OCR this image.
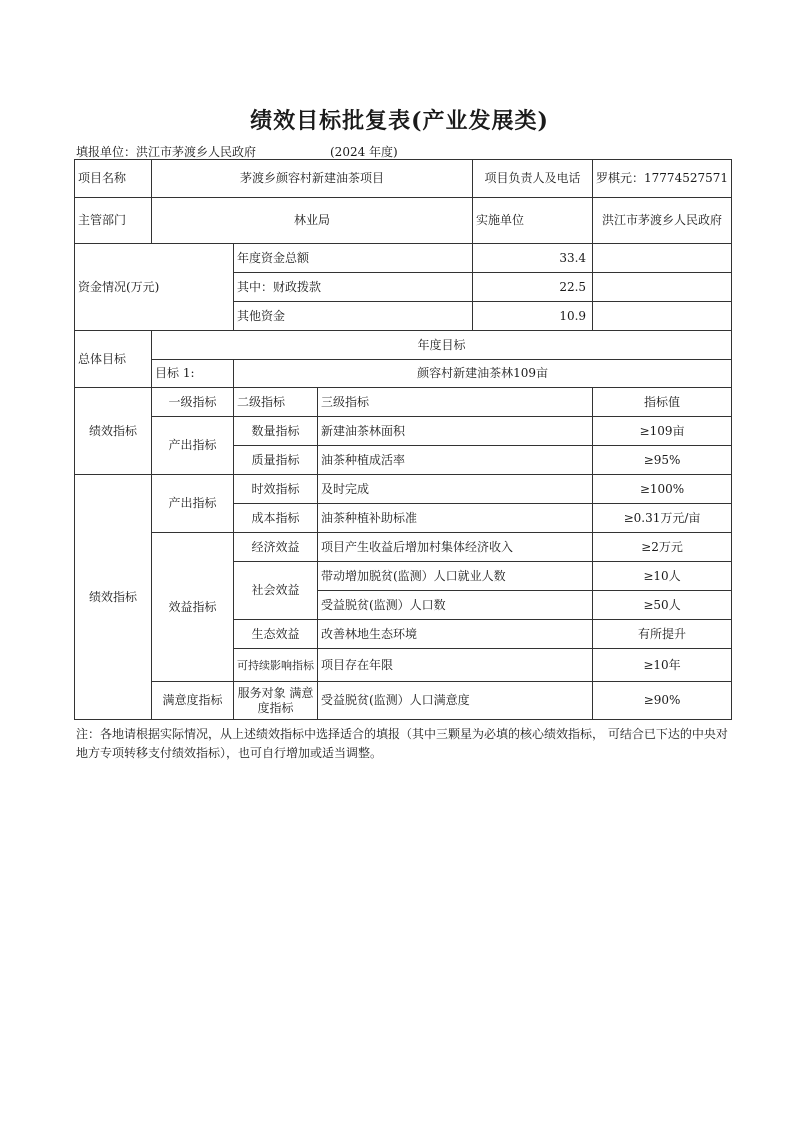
绩效目标批复表(产业发展类)
填报单位：洪江市茅渡乡人民政府	(2024 年度)
项目名称	茅渡乡颜容村新建油茶项目			项目负责人及电话	罗棋元：17774527571
主管部门	林业局			实施单位	洪江市茅渡乡人民政府
资金情况(万元)		年度资金总额		33.4	
		其中：财政拨款		22.5	
		其他资金		10.9	
总体目标	年度目标				
	目标 1:	颜容村新建油茶林109亩			
绩效指标	一级指标	二级指标	三级指标		指标值
	产出指标	数量指标	新建油茶林面积		≥109亩
		质量指标	油茶种植成活率		≥95%
绩效指标	产出指标	时效指标	及时完成		≥100%
		成本指标	油茶种植补助标准		≥0.31万元/亩
	效益指标	经济效益	项目产生收益后增加村集体经济收入		≥2万元
		社会效益	带动增加脱贫(监测）人口就业人数		≥10人
			受益脱贫(监测）人口数		≥50人
		生态效益	改善林地生态环境		有所提升
		可持续影响指标	项目存在年限		≥10年
	满意度指标	服务对象 满意度指标	受益脱贫(监测）人口满意度		≥90%
注：各地请根据实际情况，从上述绩效指标中选择适合的填报（其中三颗星为必填的核心绩效指标， 可结合已下达的中央对地方专项转移支付绩效指标），也可自行增加或适当调整。
